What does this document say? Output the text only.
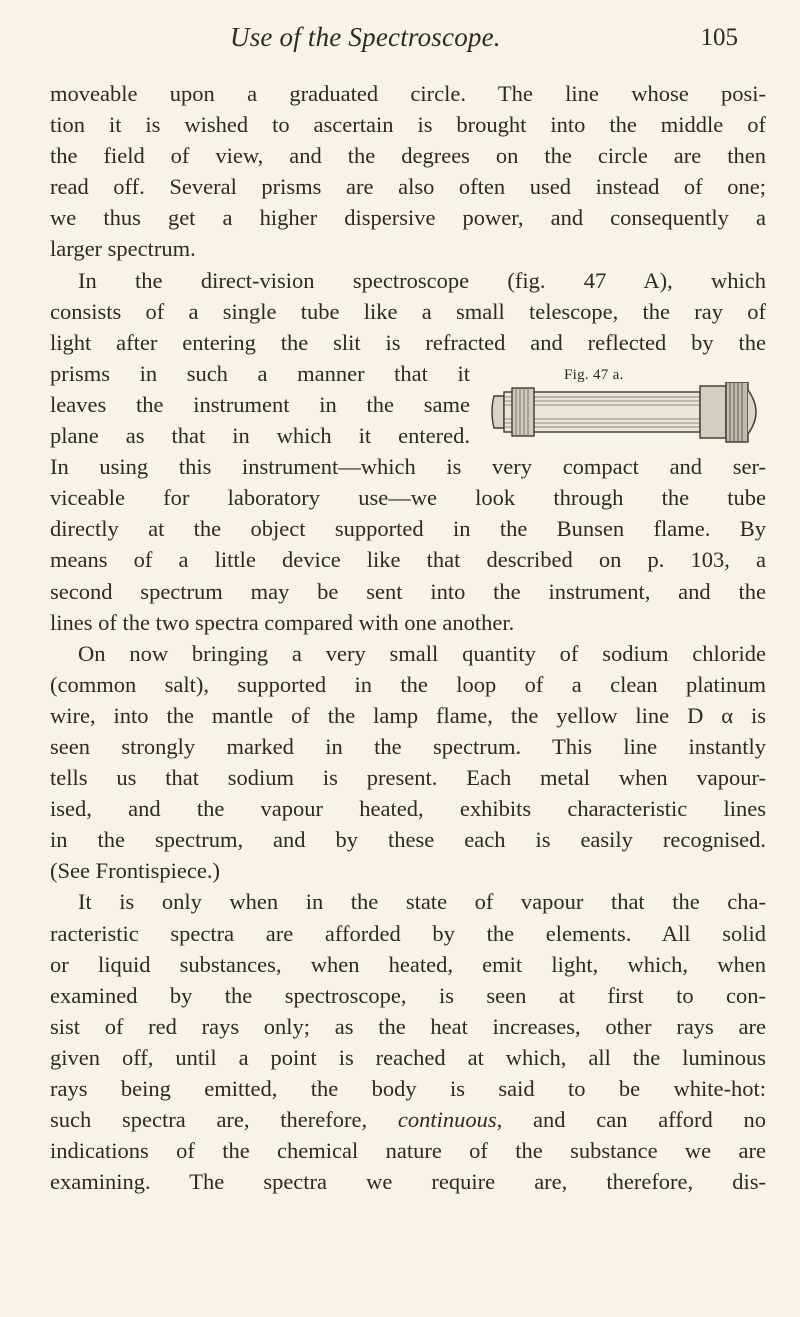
Use of the Spectroscope.	105
moveable upon a graduated circle. The line whose posi-
tion it is wished to ascertain is brought into the middle of
the field of view, and the degrees on the circle are then
read off. Several prisms are also often used instead of one;
we thus get a higher dispersive power, and consequently a
larger spectrum.
In the direct-vision spectroscope (fig. 47 A), which
consists of a single tube like a small telescope, the ray of
light after entering the slit is refracted and reflected by the
prisms in such a manner that it
leaves the instrument in the same
plane as that in which it entered.
Fig. 47 a.
In using this instrument—which is very compact and ser-
viceable for laboratory use—we look through the tube
directly at the object supported in the Bunsen flame. By
means of a little device like that described on p. 103, a
second spectrum may be sent into the instrument, and the
lines of the two spectra compared with one another.
On now bringing a very small quantity of sodium chloride
(common salt), supported in the loop of a clean platinum
wire, into the mantle of the lamp flame, the yellow line D α is
seen strongly marked in the spectrum. This line instantly
tells us that sodium is present. Each metal when vapour-
ised, and the vapour heated, exhibits characteristic lines
in the spectrum, and by these each is easily recognised.
(See Frontispiece.)
It is only when in the state of vapour that the cha-
racteristic spectra are afforded by the elements. All solid
or liquid substances, when heated, emit light, which, when
examined by the spectroscope, is seen at first to con-
sist of red rays only; as the heat increases, other rays are
given off, until a point is reached at which, all the luminous
rays being emitted, the body is said to be white-hot:
such spectra are, therefore, continuous, and can afford no
indications of the chemical nature of the substance we are
examining. The spectra we require are, therefore, dis-
